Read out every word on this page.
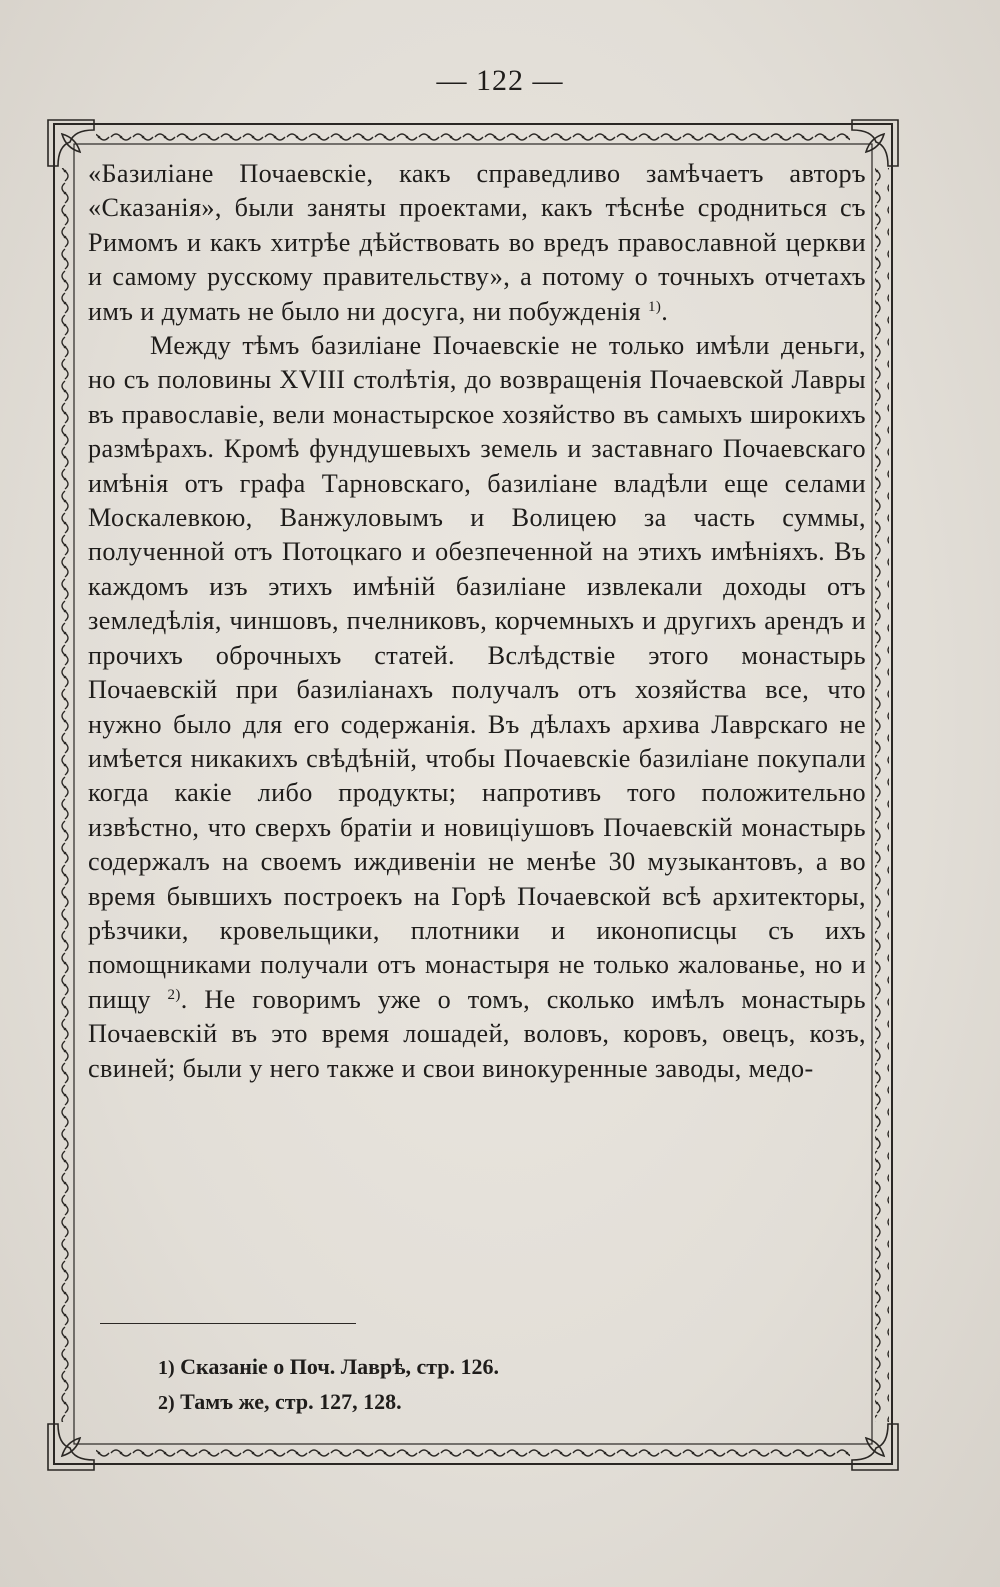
— 122 —

«Базиліане Почаевскіе, какъ справедливо замѣчаетъ авторъ «Сказанія», были заняты проектами, какъ тѣснѣе сродниться съ Римомъ и какъ хитрѣе дѣйствовать во вредъ православной церкви и самому русскому правительству», а потому о точныхъ отчетахъ имъ и думать не было ни досуга, ни побужденія $^{1)}$.

Между тѣмъ базиліане Почаевскіе не только имѣли деньги, но съ половины XVIII столѣтія, до возвращенія Почаевской Лавры въ православіе, вели монастырское хозяйство въ самыхъ широкихъ размѣрахъ. Кромѣ фундушевыхъ земель и заставнаго Почаевскаго имѣнія отъ графа Тарновскаго, базиліане владѣли еще селами Москалевкою, Ванжуловымъ и Волицею за часть суммы, полученной отъ Потоцкаго и обезпеченной на этихъ имѣніяхъ. Въ каждомъ изъ этихъ имѣній базиліане извлекали доходы отъ земледѣлія, чиншовъ, пчелниковъ, корчемныхъ и другихъ арендъ и прочихъ оброчныхъ статей. Вслѣдствіе этого монастырь Почаевскій при базиліанахъ получалъ отъ хозяйства все, что нужно было для его содержанія. Въ дѣлахъ архива Лаврскаго не имѣется никакихъ свѣдѣній, чтобы Почаевскіе базиліане покупали когда какіе либо продукты; напротивъ того положительно извѣстно, что сверхъ братіи и новиціушовъ Почаевскій монастырь содержалъ на своемъ иждивеніи не менѣе 30 музыкантовъ, а во время бывшихъ построекъ на Горѣ Почаевской всѣ архитекторы, рѣзчики, кровельщики, плотники и иконописцы съ ихъ помощниками получали отъ монастыря не только жалованье, но и пищу $^{2)}$. Не говоримъ уже о томъ, сколько имѣлъ монастырь Почаевскій въ это время лошадей, воловъ, коровъ, овецъ, козъ, свиней; были у него также и свои винокуренные заводы, медо-

1) Сказаніе о Поч. Лаврѣ, стр. 126.
2) Тамъ же, стр. 127, 128.
